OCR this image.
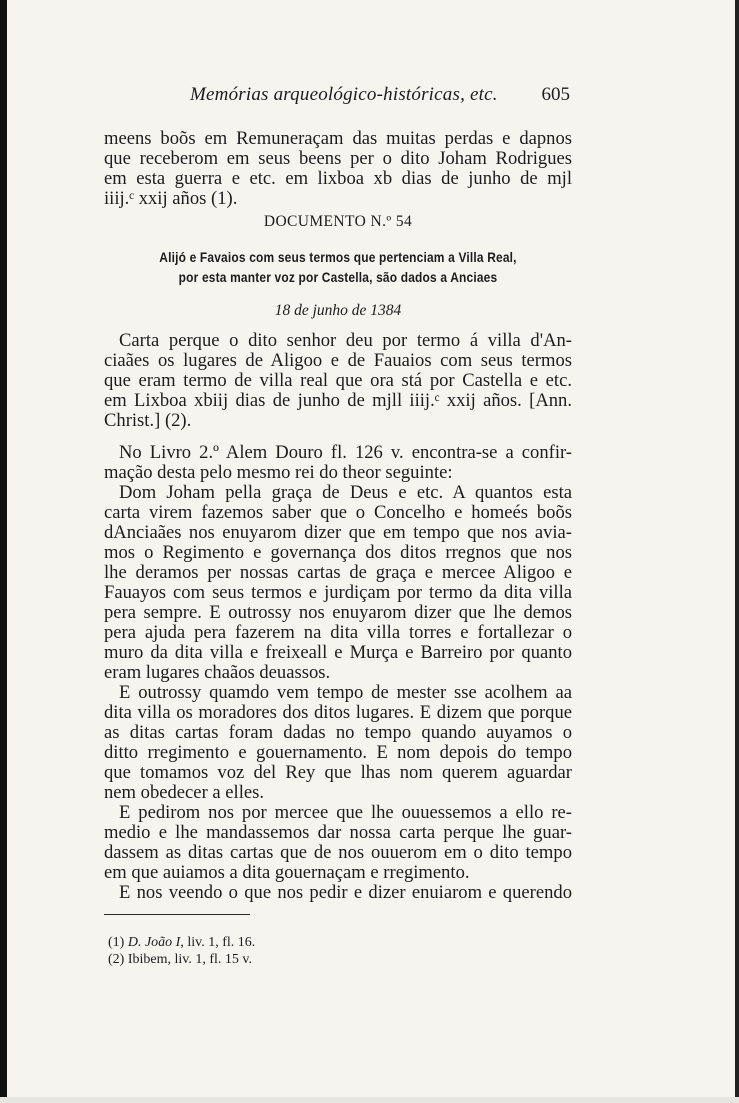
Memórias arqueológico-históricas, etc. 605
meens boõs em Remuneraçam das muitas perdas e dapnos
que receberom em seus beens per o dito Joham Rodrigues
em esta guerra e etc. em lixboa xb dias de junho de mjl
iiij.ᶜ xxij años (1).
DOCUMENTO N.º 54
Alijó e Favaios com seus termos que pertenciam a Villa Real,
por esta manter voz por Castella, são dados a Anciaes
18 de junho de 1384
Carta perque o dito senhor deu por termo á villa d'An-
ciaães os lugares de Aligoo e de Fauaios com seus termos
que eram termo de villa real que ora stá por Castella e etc.
em Lixboa xbiij dias de junho de mjll iiij.ᶜ xxij años. [Ann.
Christ.] (2).
No Livro 2.º Alem Douro fl. 126 v. encontra-se a confir-
mação desta pelo mesmo rei do theor seguinte:
Dom Joham pella graça de Deus e etc. A quantos esta
carta virem fazemos saber que o Concelho e homeés boõs
dAnciaães nos enuyarom dizer que em tempo que nos avia-
mos o Regimento e governança dos ditos rregnos que nos
lhe deramos per nossas cartas de graça e mercee Aligoo e
Fauayos com seus termos e jurdiçam por termo da dita villa
pera sempre. E outrossy nos enuyarom dizer que lhe demos
pera ajuda pera fazerem na dita villa torres e fortallezar o
muro da dita villa e freixeall e Murça e Barreiro por quanto
eram lugares chaãos deuassos.
E outrossy quamdo vem tempo de mester sse acolhem aa
dita villa os moradores dos ditos lugares. E dizem que porque
as ditas cartas foram dadas no tempo quando auyamos o
ditto rregimento e gouernamento. E nom depois do tempo
que tomamos voz del Rey que lhas nom querem aguardar
nem obedecer a elles.
E pedirom nos por mercee que lhe ouuessemos a ello re-
medio e lhe mandassemos dar nossa carta perque lhe guar-
dassem as ditas cartas que de nos ouuerom em o dito tempo
em que auiamos a dita gouernaçam e rregimento.
E nos veendo o que nos pedir e dizer enuiarom e querendo
(1) D. João I, liv. 1, fl. 16.
(2) Ibibem, liv. 1, fl. 15 v.
